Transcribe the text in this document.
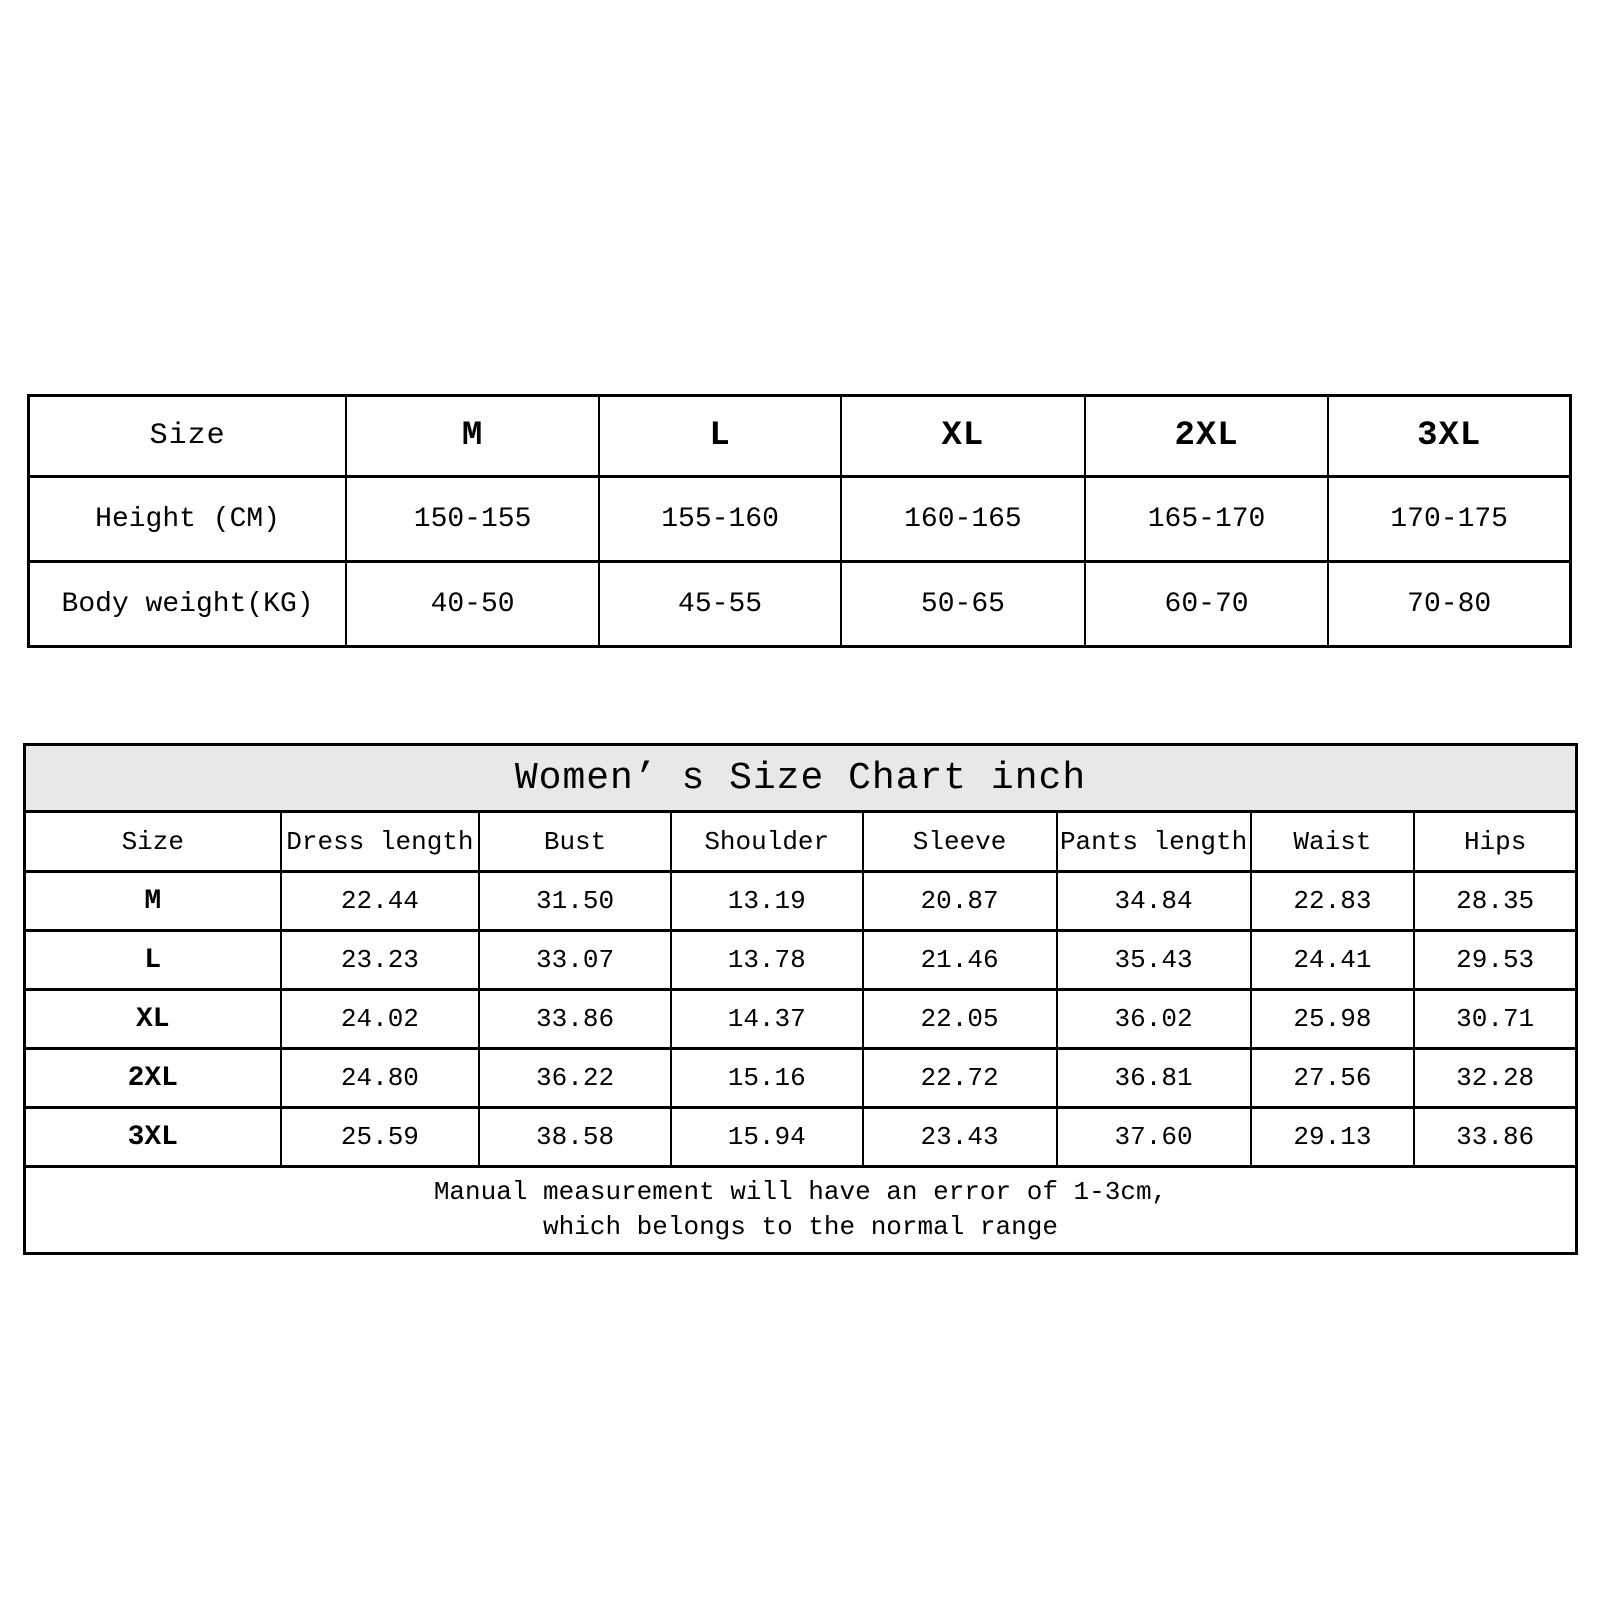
Size	M	L	XL	2XL	3XL
Height (CM)	150-155	155-160	160-165	165-170	170-175
Body weight(KG)	40-50	45-55	50-65	60-70	70-80
Women’ s Size Chart inch							
Size	Dress length	Bust	Shoulder	Sleeve	Pants length	Waist	Hips
M	22.44	31.50	13.19	20.87	34.84	22.83	28.35
L	23.23	33.07	13.78	21.46	35.43	24.41	29.53
XL	24.02	33.86	14.37	22.05	36.02	25.98	30.71
2XL	24.80	36.22	15.16	22.72	36.81	27.56	32.28
3XL	25.59	38.58	15.94	23.43	37.60	29.13	33.86

Manual measurement will have an error of 1-3cm,
which belongs to the normal range							
